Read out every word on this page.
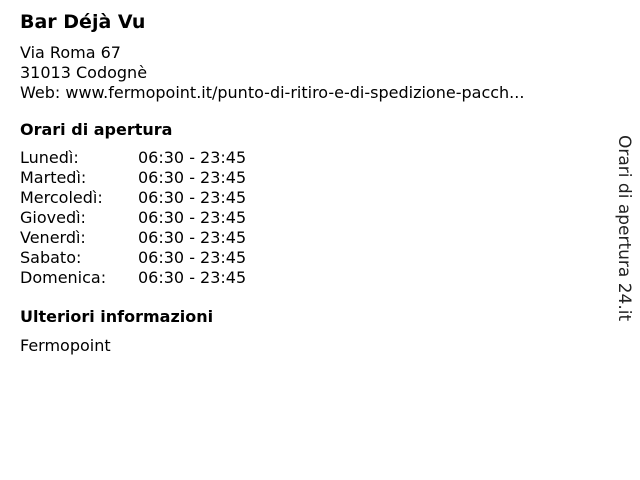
Bar Déjà Vu
Via Roma 67
31013 Codognè
Web: www.fermopoint.it/punto-di-ritiro-e-di-spedizione-pacch...
Orari di apertura
Lunedì:	06:30 - 23:45
Martedì:	06:30 - 23:45
Mercoledì:	06:30 - 23:45
Giovedì:	06:30 - 23:45
Venerdì:	06:30 - 23:45
Sabato:	06:30 - 23:45
Domenica:	06:30 - 23:45
Ulteriori informazioni
Fermopoint
Orari di apertura 24.it
